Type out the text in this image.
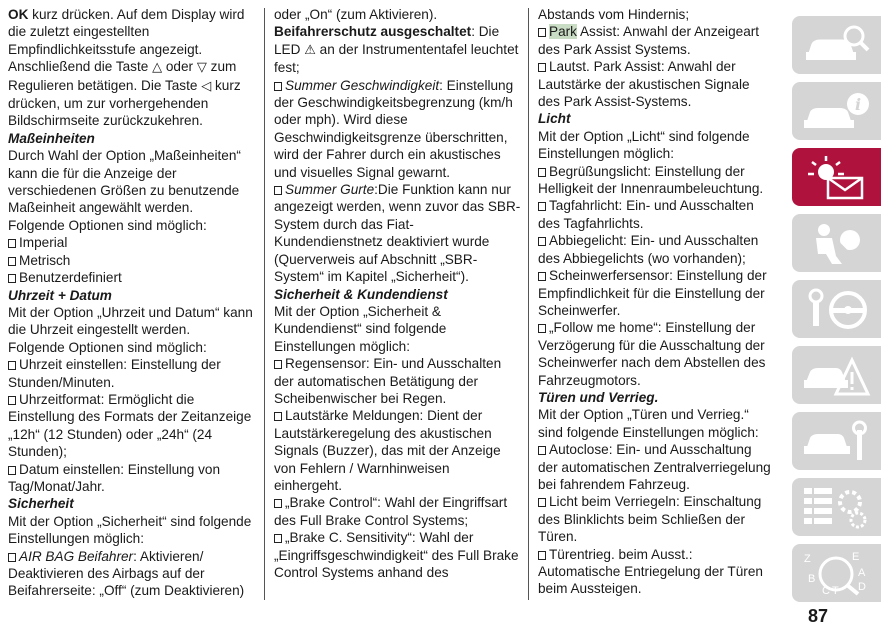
OK kurz drücken. Auf dem Display wird die zuletzt eingestellten Empfindlichkeitsstufe angezeigt. Anschließend die Taste △ oder ▽ zum Regulieren betätigen. Die Taste ◁ kurz drücken, um zur vorhergehenden Bildschirmseite zurückzukehren.

Maßeinheiten

Durch Wahl der Option „Maßeinheiten“ kann die für die Anzeige der verschiedenen Größen zu benutzende Maßeinheit angewählt werden.

Folgende Optionen sind möglich:

Imperial

Metrisch

Benutzerdefiniert

Uhrzeit + Datum

Mit der Option „Uhrzeit und Datum“ kann die Uhrzeit eingestellt werden.

Folgende Optionen sind möglich:

Uhrzeit einstellen: Einstellung der Stunden/Minuten.

Uhrzeitformat: Ermöglicht die Einstellung des Formats der Zeitanzeige „12h“ (12 Stunden) oder „24h“ (24 Stunden);

Datum einstellen: Einstellung von Tag/Monat/Jahr.

Sicherheit

Mit der Option „Sicherheit“ sind folgende Einstellungen möglich:

AIR BAG Beifahrer: Aktivieren/ Deaktivieren des Airbags auf der Beifahrerseite: „Off“ (zum Deaktivieren)

oder „On“ (zum Aktivieren).

Beifahrerschutz ausgeschaltet: Die LED ⚠ an der Instrumententafel leuchtet fest;

Summer Geschwindigkeit: Einstellung der Geschwindigkeitsbegrenzung (km/h oder mph). Wird diese Geschwindigkeitsgrenze überschritten, wird der Fahrer durch ein akustisches und visuelles Signal gewarnt.

Summer Gurte:Die Funktion kann nur angezeigt werden, wenn zuvor das SBR-System durch das Fiat-Kundendienstnetz deaktiviert wurde (Querverweis auf Abschnitt „SBR-System“ im Kapitel „Sicherheit“).

Sicherheit & Kundendienst

Mit der Option „Sicherheit & Kundendienst“ sind folgende Einstellungen möglich:

Regensensor: Ein- und Ausschalten der automatischen Betätigung der Scheibenwischer bei Regen.

Lautstärke Meldungen: Dient der Lautstärkeregelung des akustischen Signals (Buzzer), das mit der Anzeige von Fehlern / Warnhinweisen einhergeht.

„Brake Control“: Wahl der Eingriffsart des Full Brake Control Systems;

„Brake C. Sensitivity“: Wahl der „Eingriffsgeschwindigkeit“ des Full Brake Control Systems anhand des

Abstands vom Hindernis;

Park Assist: Anwahl der Anzeigeart des Park Assist Systems.

Lautst. Park Assist: Anwahl der Lautstärke der akustischen Signale des Park Assist-Systems.

Licht

Mit der Option „Licht“ sind folgende Einstellungen möglich:

Begrüßungslicht: Einstellung der Helligkeit der Innenraumbeleuchtung.

Tagfahrlicht: Ein- und Ausschalten des Tagfahrlichts.

Abbiegelicht: Ein- und Ausschalten des Abbiegelichts (wo vorhanden);

Scheinwerfersensor: Einstellung der Empfindlichkeit für die Einstellung der Scheinwerfer.

„Follow me home“: Einstellung der Verzögerung für die Ausschaltung der Scheinwerfer nach dem Abstellen des Fahrzeugmotors.

Türen und Verrieg.

Mit der Option „Türen und Verrieg.“ sind folgende Einstellungen möglich:

Autoclose: Ein- und Ausschaltung der automatischen Zentralverriegelung bei fahrendem Fahrzeug.

Licht beim Verriegeln: Einschaltung des Blinklichts beim Schließen der Türen.

Türentrieg. beim Ausst.: Automatische Entriegelung der Türen beim Aussteigen.

i
Z	E
B	A
D
C T
87
